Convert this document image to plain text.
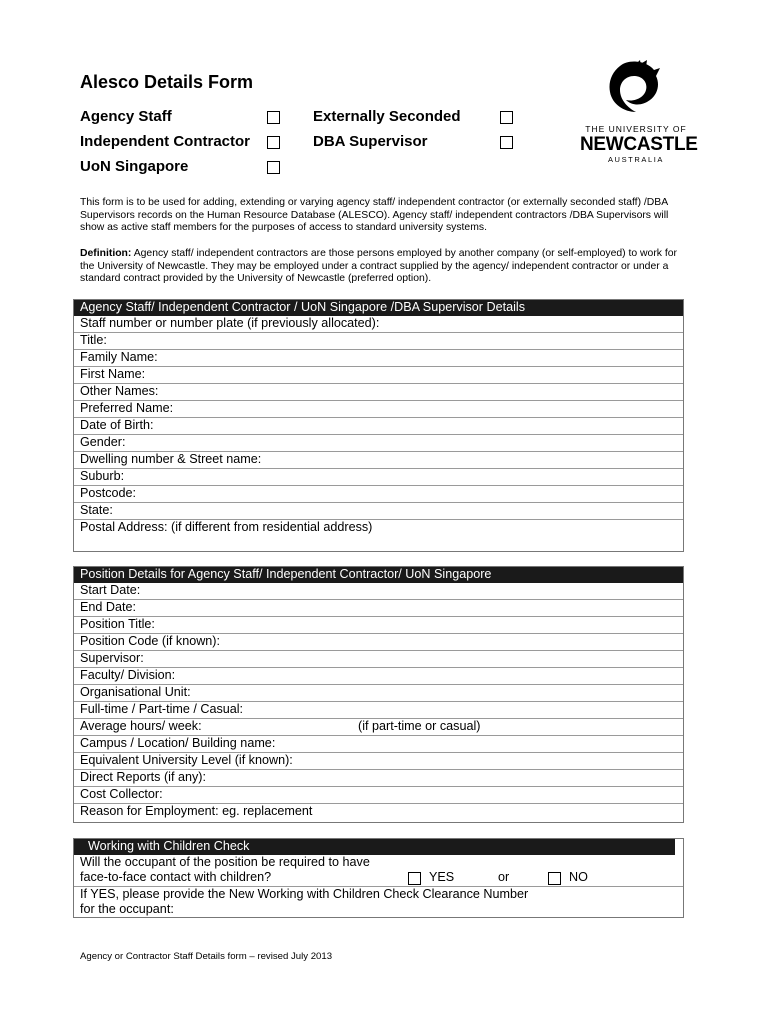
Alesco Details Form
Agency Staff
Independent Contractor
UoN Singapore
Externally Seconded
DBA Supervisor
THE UNIVERSITY OF
NEWCASTLE
AUSTRALIA
This form is to be used for adding, extending or varying agency staff/ independent contractor (or externally seconded staff) /DBA Supervisors records on the Human Resource Database (ALESCO). Agency staff/ independent contractors /DBA Supervisors will show as active staff members for the purposes of access to standard university systems.
Definition: Agency staff/ independent contractors are those persons employed by another company (or self-employed) to work for the University of Newcastle. They may be employed under a contract supplied by the agency/ independent contractor or under a standard contract provided by the University of Newcastle (preferred option).
Agency Staff/ Independent Contractor / UoN Singapore /DBA Supervisor Details
Staff number or number plate (if previously allocated):
Title:
Family Name:
First Name:
Other Names:
Preferred Name:
Date of Birth:
Gender:
Dwelling number & Street name:
Suburb:
Postcode:
State:
Postal Address: (if different from residential address)
Position Details for Agency Staff/ Independent Contractor/ UoN Singapore
Start Date:
End Date:
Position Title:
Position Code (if known):
Supervisor:
Faculty/ Division:
Organisational Unit:
Full-time / Part-time / Casual:
Average hours/ week:	(if part-time or casual)
Campus / Location/ Building name:
Equivalent University Level (if known):
Direct Reports (if any):
Cost Collector:
Reason for Employment: eg. replacement
Working with Children Check
Will the occupant of the position be required to have
face-to-face contact with children?	YES	or	NO
If YES, please provide the New Working with Children Check Clearance Number
for the occupant:
Agency or Contractor Staff Details form – revised July 2013
